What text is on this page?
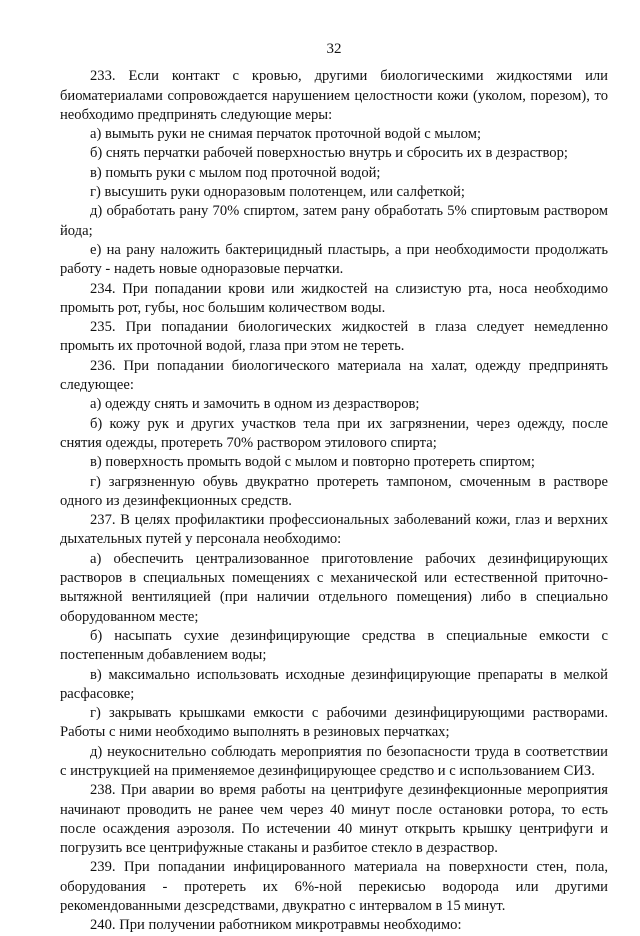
32

233. Если контакт с кровью, другими биологическими жидкостями или биоматериалами сопровождается нарушением целостности кожи (уколом, порезом), то необходимо предпринять следующие меры:

а) вымыть руки не снимая перчаток проточной водой с мылом;

б) снять перчатки рабочей поверхностью внутрь и сбросить их в дезраствор;

в) помыть руки с мылом под проточной водой;

г) высушить руки одноразовым полотенцем, или салфеткой;

д) обработать рану 70% спиртом, затем рану обработать 5% спиртовым раствором йода;

е) на рану наложить бактерицидный пластырь, а при необходимости продолжать работу - надеть новые одноразовые перчатки.

234. При попадании крови или жидкостей на слизистую рта, носа необходимо промыть рот, губы, нос большим количеством воды.

235. При попадании биологических жидкостей в глаза следует немедленно промыть их проточной водой, глаза при этом не тереть.

236. При попадании биологического материала на халат, одежду предпринять следующее:

а) одежду снять и замочить в одном из дезрастворов;

б) кожу рук и других участков тела при их загрязнении, через одежду, после снятия одежды, протереть 70% раствором этилового спирта;

в) поверхность промыть водой с мылом и повторно протереть спиртом;

г) загрязненную обувь двукратно протереть тампоном, смоченным в растворе одного из дезинфекционных средств.

237. В целях профилактики профессиональных заболеваний кожи, глаз и верхних дыхательных путей у персонала необходимо:

а) обеспечить централизованное приготовление рабочих дезинфицирующих растворов в специальных помещениях с механической или естественной приточно-вытяжной вентиляцией (при наличии отдельного помещения) либо в специально оборудованном месте;

б) насыпать сухие дезинфицирующие средства в специальные емкости с постепенным добавлением воды;

в) максимально использовать исходные дезинфицирующие препараты в мелкой расфасовке;

г) закрывать крышками емкости с рабочими дезинфицирующими растворами. Работы с ними необходимо выполнять в резиновых перчатках;

д) неукоснительно соблюдать мероприятия по безопасности труда в соответствии с инструкцией на применяемое дезинфицирующее средство и с использованием СИЗ.

238. При аварии во время работы на центрифуге дезинфекционные мероприятия начинают проводить не ранее чем через 40 минут после остановки ротора, то есть после осаждения аэрозоля. По истечении 40 минут открыть крышку центрифуги и погрузить все центрифужные стаканы и разбитое стекло в дезраствор.

239. При попадании инфицированного материала на поверхности стен, пола, оборудования - протереть их 6%-ной перекисью водорода или другими рекомендованными дезсредствами, двукратно с интервалом в 15 минут.

240. При получении работником микротравмы необходимо:
